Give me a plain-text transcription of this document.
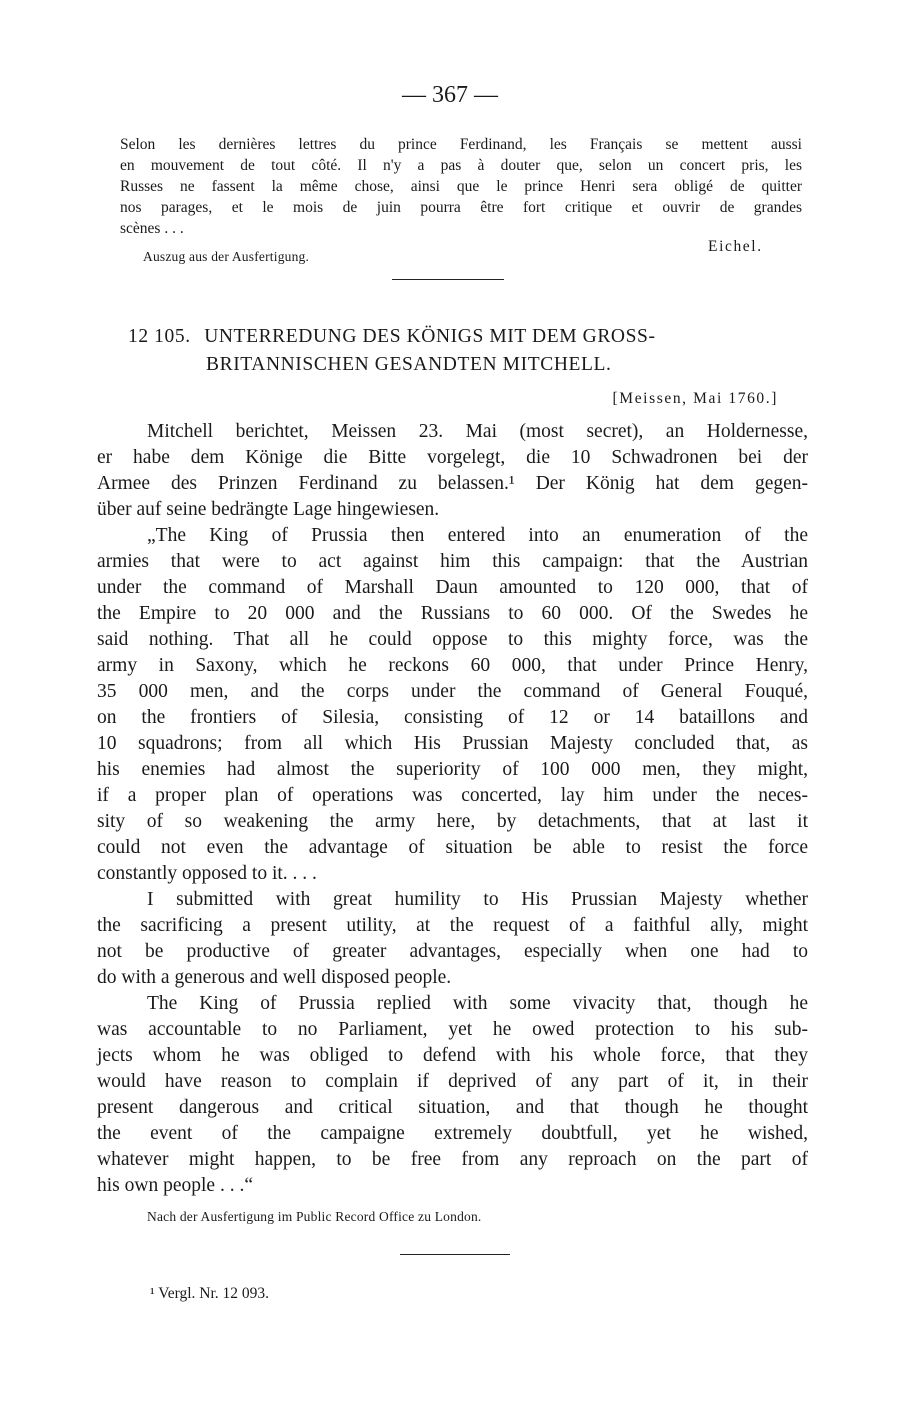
— 367 —
Selon les dernières lettres du prince Ferdinand, les Français se mettent aussi
en mouvement de tout côté. Il n'y a pas à douter que, selon un concert pris, les
Russes ne fassent la même chose, ainsi que le prince Henri sera obligé de quitter
nos parages, et le mois de juin pourra être fort critique et ouvrir de grandes
scènes . . .
Auszug aus der Ausfertigung.
Eichel.
12 105. UNTERREDUNG DES KÖNIGS MIT DEM GROSS-
BRITANNISCHEN GESANDTEN MITCHELL.
[Meissen, Mai 1760.]
Mitchell berichtet, Meissen 23. Mai (most secret), an Holdernesse,
er habe dem Könige die Bitte vorgelegt, die 10 Schwadronen bei der
Armee des Prinzen Ferdinand zu belassen.¹ Der König hat dem gegen-
über auf seine bedrängte Lage hingewiesen.
„The King of Prussia then entered into an enumeration of the
armies that were to act against him this campaign: that the Austrian
under the command of Marshall Daun amounted to 120 000, that of
the Empire to 20 000 and the Russians to 60 000. Of the Swedes he
said nothing. That all he could oppose to this mighty force, was the
army in Saxony, which he reckons 60 000, that under Prince Henry,
35 000 men, and the corps under the command of General Fouqué,
on the frontiers of Silesia, consisting of 12 or 14 bataillons and
10 squadrons; from all which His Prussian Majesty concluded that, as
his enemies had almost the superiority of 100 000 men, they might,
if a proper plan of operations was concerted, lay him under the neces-
sity of so weakening the army here, by detachments, that at last it
could not even the advantage of situation be able to resist the force
constantly opposed to it. . . .
I submitted with great humility to His Prussian Majesty whether
the sacrificing a present utility, at the request of a faithful ally, might
not be productive of greater advantages, especially when one had to
do with a generous and well disposed people.
The King of Prussia replied with some vivacity that, though he
was accountable to no Parliament, yet he owed protection to his sub-
jects whom he was obliged to defend with his whole force, that they
would have reason to complain if deprived of any part of it, in their
present dangerous and critical situation, and that though he thought
the event of the campaigne extremely doubtfull, yet he wished,
whatever might happen, to be free from any reproach on the part of
his own people . . .“
Nach der Ausfertigung im Public Record Office zu London.
¹ Vergl. Nr. 12 093.
